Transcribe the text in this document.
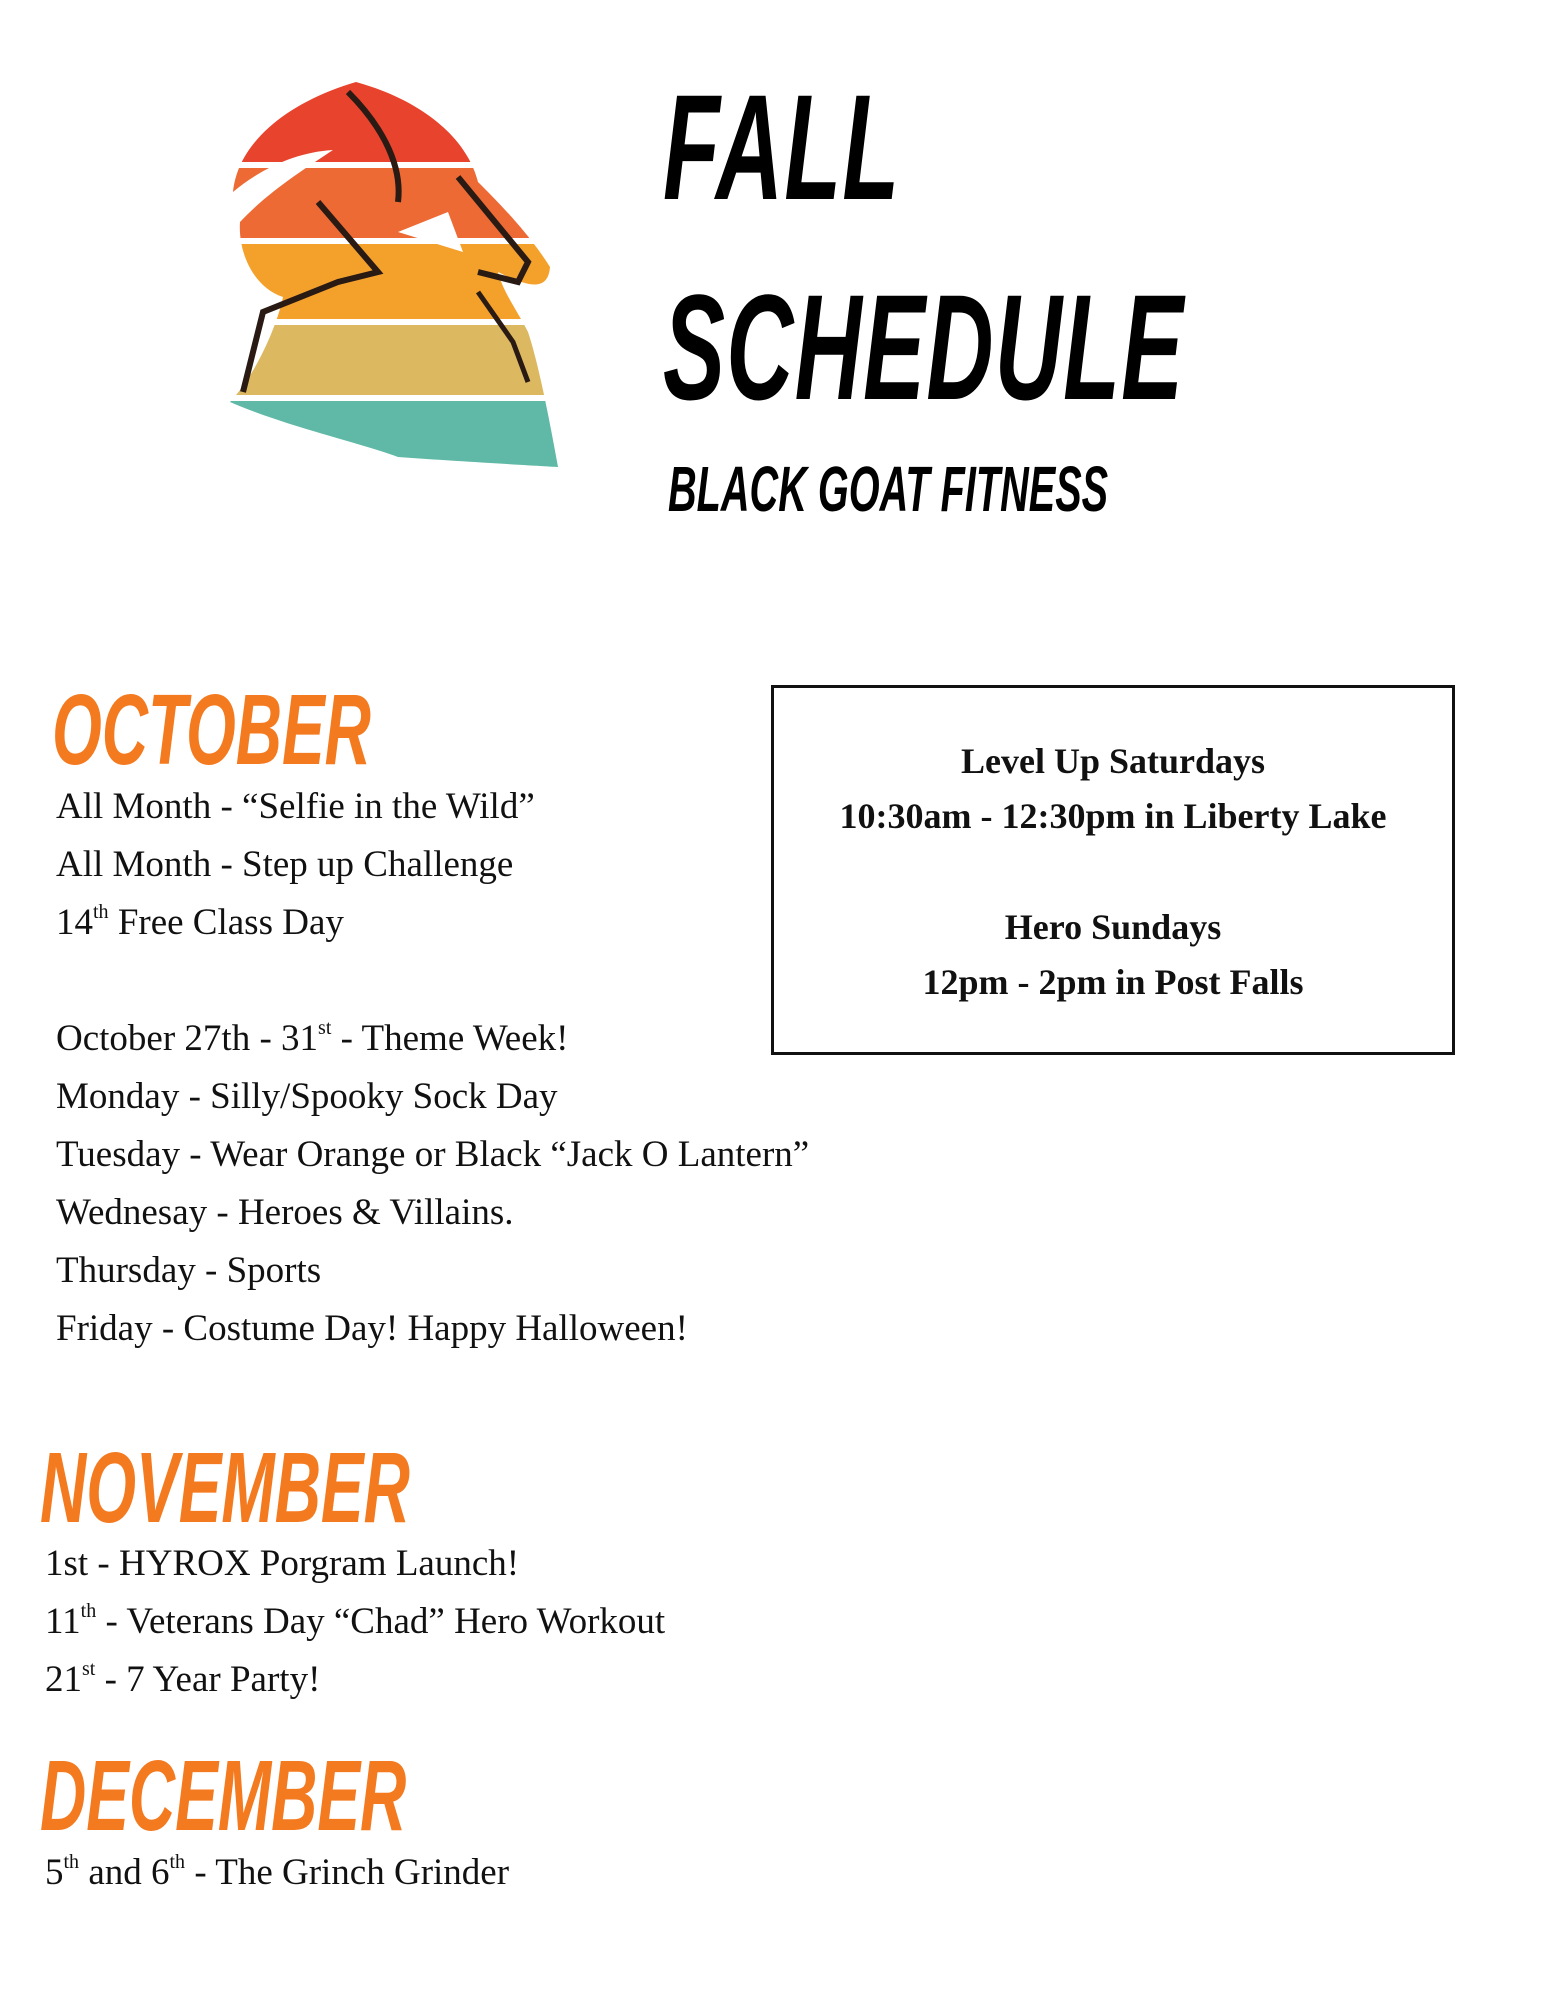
FALL
SCHEDULE
BLACK GOAT FITNESS
Level Up Saturdays
10:30am - 12:30pm in Liberty Lake
Hero Sundays
12pm - 2pm in Post Falls
OCTOBER
All Month - “Selfie in the Wild”
All Month - Step up Challenge
14th Free Class Day
October 27th - 31st - Theme Week!
Monday - Silly/Spooky Sock Day
Tuesday - Wear Orange or Black “Jack O Lantern”
Wednesay - Heroes & Villains.
Thursday - Sports
Friday - Costume Day! Happy Halloween!
NOVEMBER
1st - HYROX Porgram Launch!
11th - Veterans Day “Chad” Hero Workout
21st - 7 Year Party!
DECEMBER
5th and 6th - The Grinch Grinder
